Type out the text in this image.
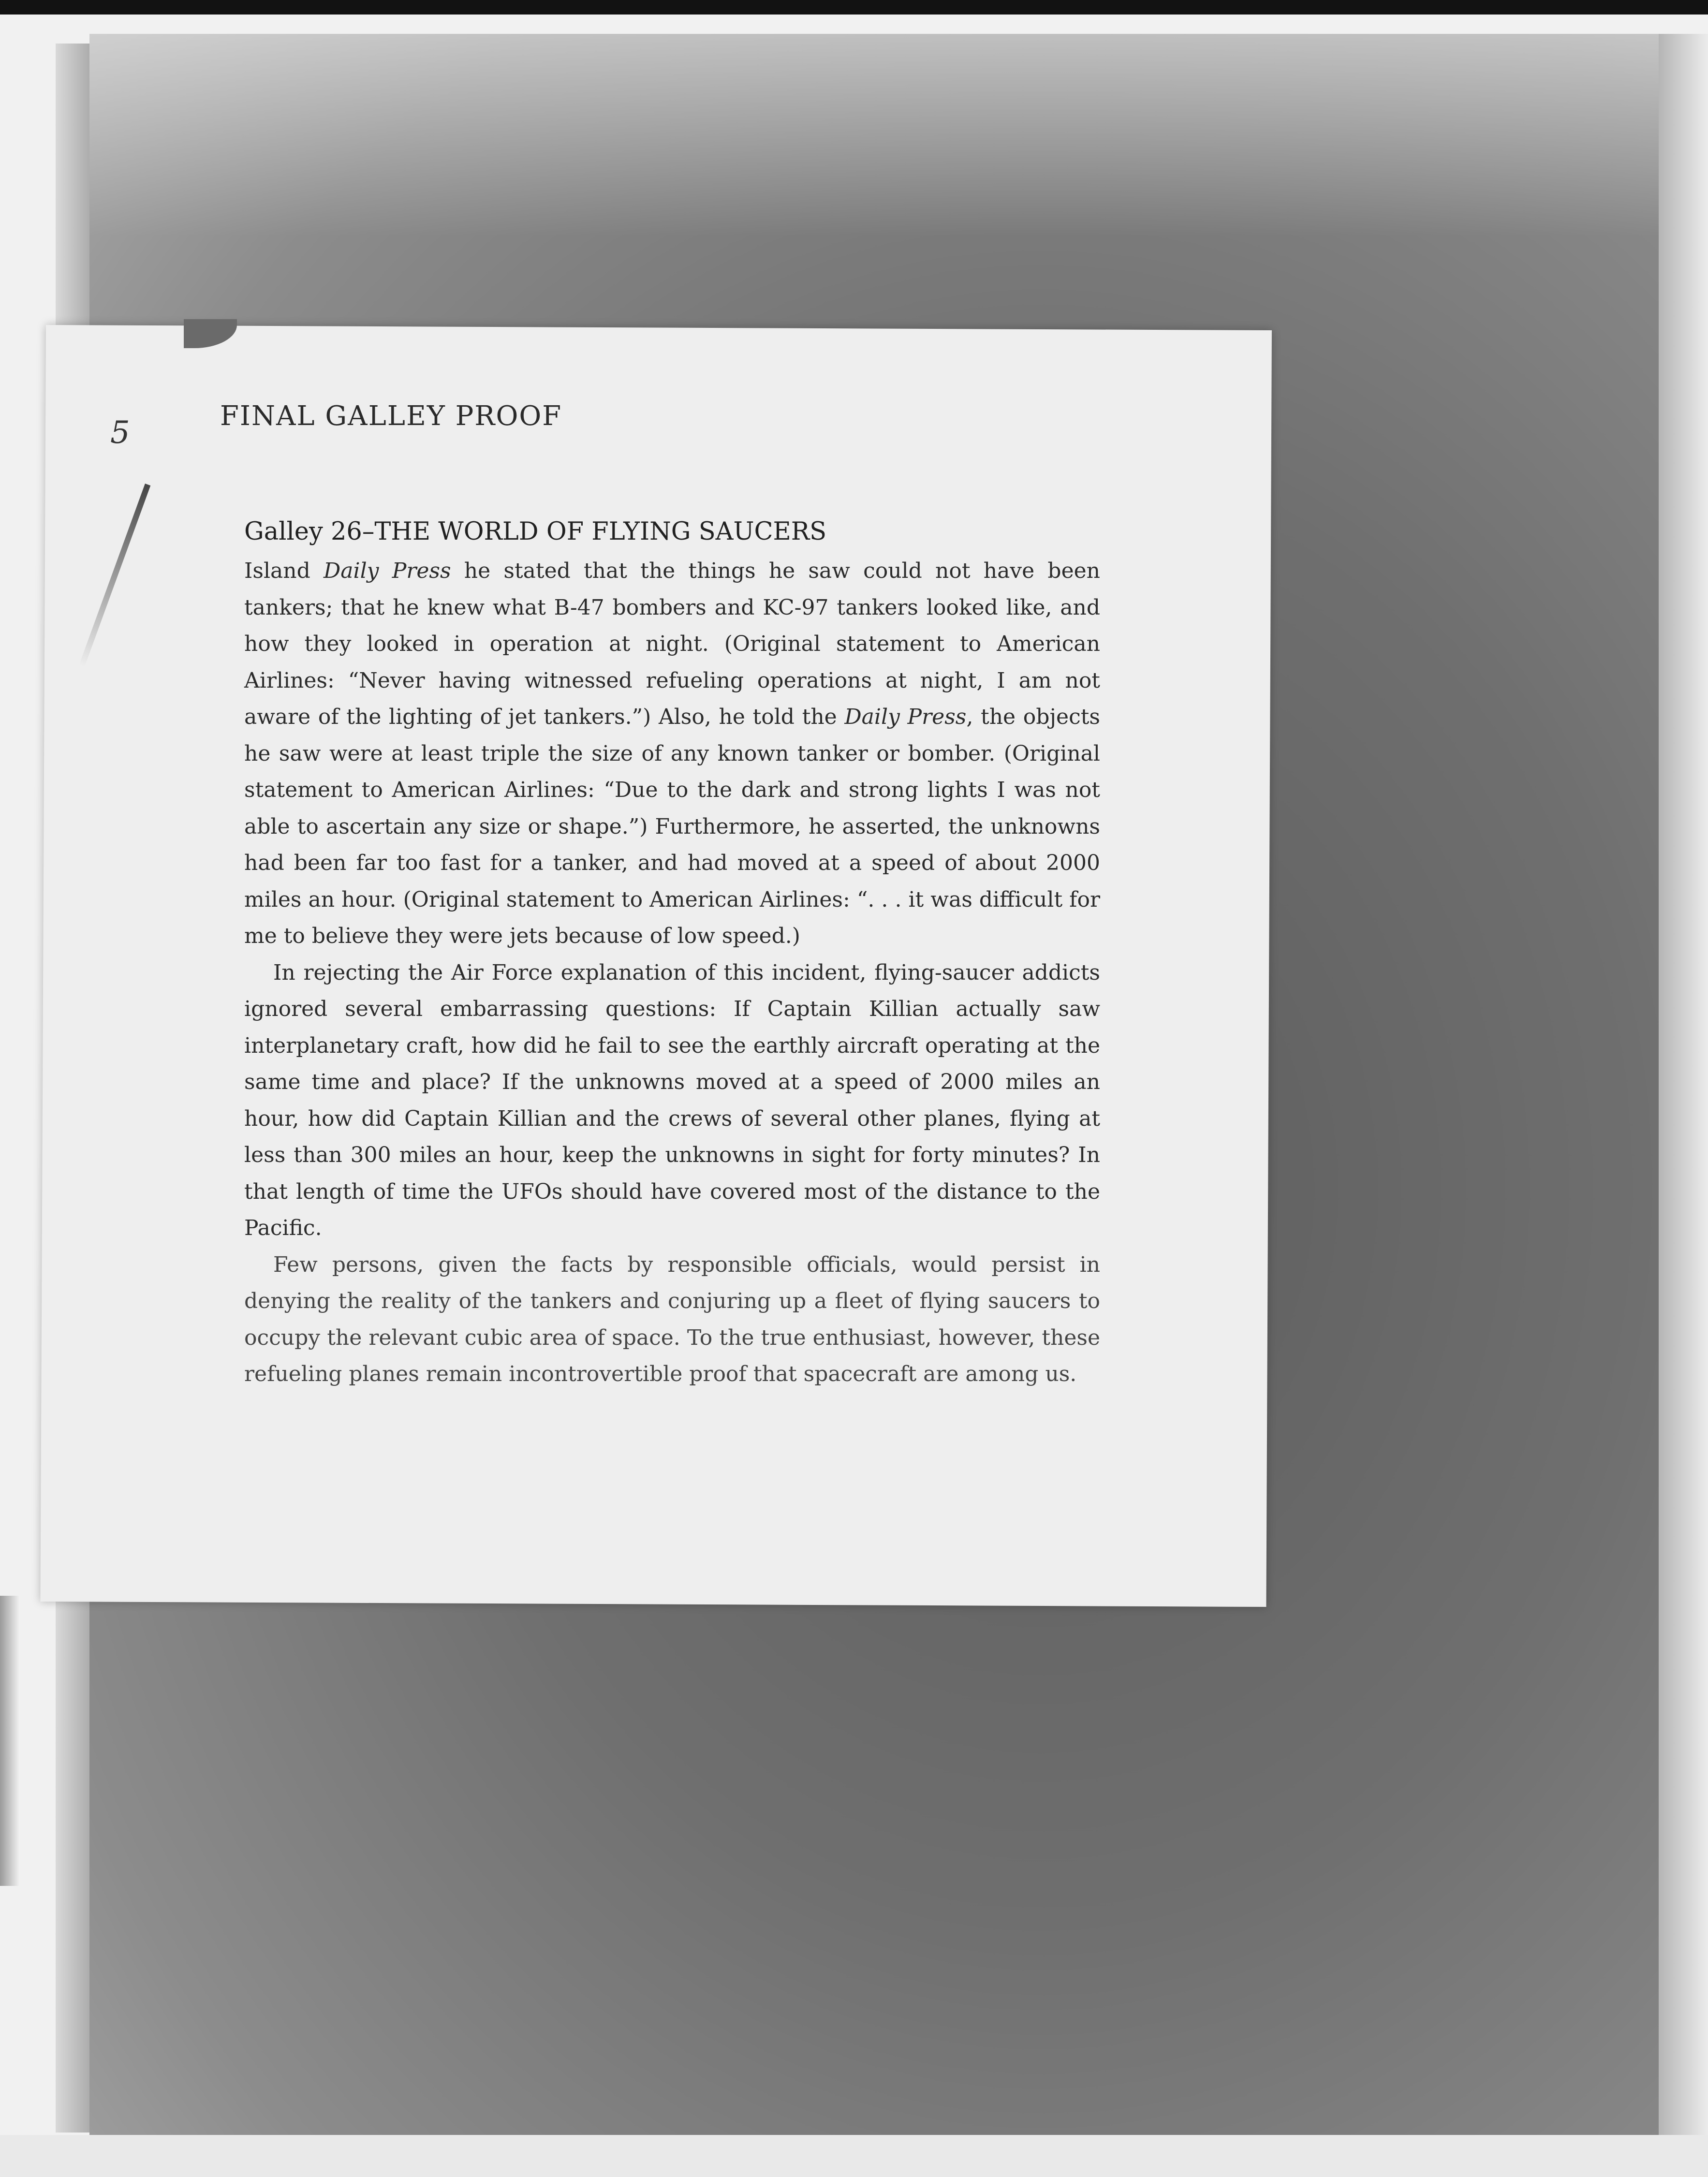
5	FINAL GALLEY PROOF

Galley 26–THE WORLD OF FLYING SAUCERS

Island Daily Press he stated that the things he saw could not have been tankers; that he knew what B-47 bombers and KC-97 tankers looked like, and how they looked in operation at night. (Original statement to American Airlines: “Never having witnessed refueling operations at night, I am not aware of the lighting of jet tankers.”) Also, he told the Daily Press, the objects he saw were at least triple the size of any known tanker or bomber. (Original statement to American Airlines: “Due to the dark and strong lights I was not able to ascertain any size or shape.”) Furthermore, he asserted, the unknowns had been far too fast for a tanker, and had moved at a speed of about 2000 miles an hour. (Original statement to American Airlines: “. . . it was difficult for me to believe they were jets because of low speed.)

In rejecting the Air Force explanation of this incident, flying-saucer addicts ignored several embarrassing questions: If Captain Killian actually saw interplanetary craft, how did he fail to see the earthly aircraft operating at the same time and place? If the unknowns moved at a speed of 2000 miles an hour, how did Captain Killian and the crews of several other planes, flying at less than 300 miles an hour, keep the unknowns in sight for forty minutes? In that length of time the UFOs should have covered most of the distance to the Pacific.

Few persons, given the facts by responsible officials, would persist in denying the reality of the tankers and conjuring up a fleet of flying saucers to occupy the relevant cubic area of space. To the true enthusiast, however, these refueling planes remain incontrovertible proof that spacecraft are among us.
